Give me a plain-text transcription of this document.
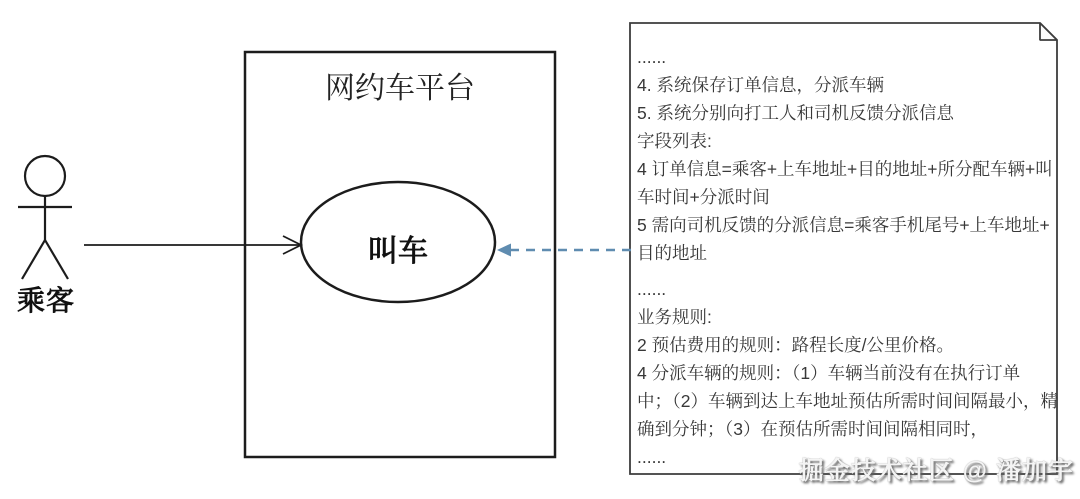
乘客
网约车平台
叫车
......
4. 系统保存订单信息，分派车辆
5. 系统分别向打工人和司机反馈分派信息
字段列表:
4 订单信息=乘客+上车地址+目的地址+所分配车辆+叫
车时间+分派时间
5 需向司机反馈的分派信息=乘客手机尾号+上车地址+
目的地址
......
业务规则:
2 预估费用的规则：路程长度/公里价格。
4 分派车辆的规则：（1）车辆当前没有在执行订单
中；（2）车辆到达上车地址预估所需时间间隔最小，精
确到分钟；（3）在预估所需时间间隔相同时，
......	掘金技术社区 @ 潘加宇
